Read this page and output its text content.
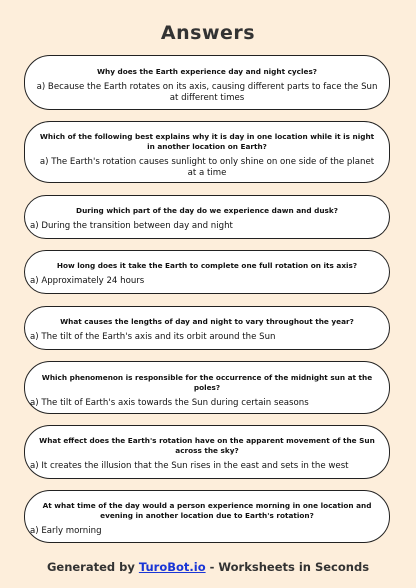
Answers
Why does the Earth experience day and night cycles?
a) Because the Earth rotates on its axis, causing different parts to face the Sun at different times
Which of the following best explains why it is day in one location while it is night in another location on Earth?
a) The Earth's rotation causes sunlight to only shine on one side of the planet at a time
During which part of the day do we experience dawn and dusk?
a) During the transition between day and night
How long does it take the Earth to complete one full rotation on its axis?
a) Approximately 24 hours
What causes the lengths of day and night to vary throughout the year?
a) The tilt of the Earth's axis and its orbit around the Sun
Which phenomenon is responsible for the occurrence of the midnight sun at the poles?
a) The tilt of Earth's axis towards the Sun during certain seasons
What effect does the Earth's rotation have on the apparent movement of the Sun across the sky?
a) It creates the illusion that the Sun rises in the east and sets in the west
At what time of the day would a person experience morning in one location and evening in another location due to Earth's rotation?
a) Early morning
Generated by TuroBot.io - Worksheets in Seconds
